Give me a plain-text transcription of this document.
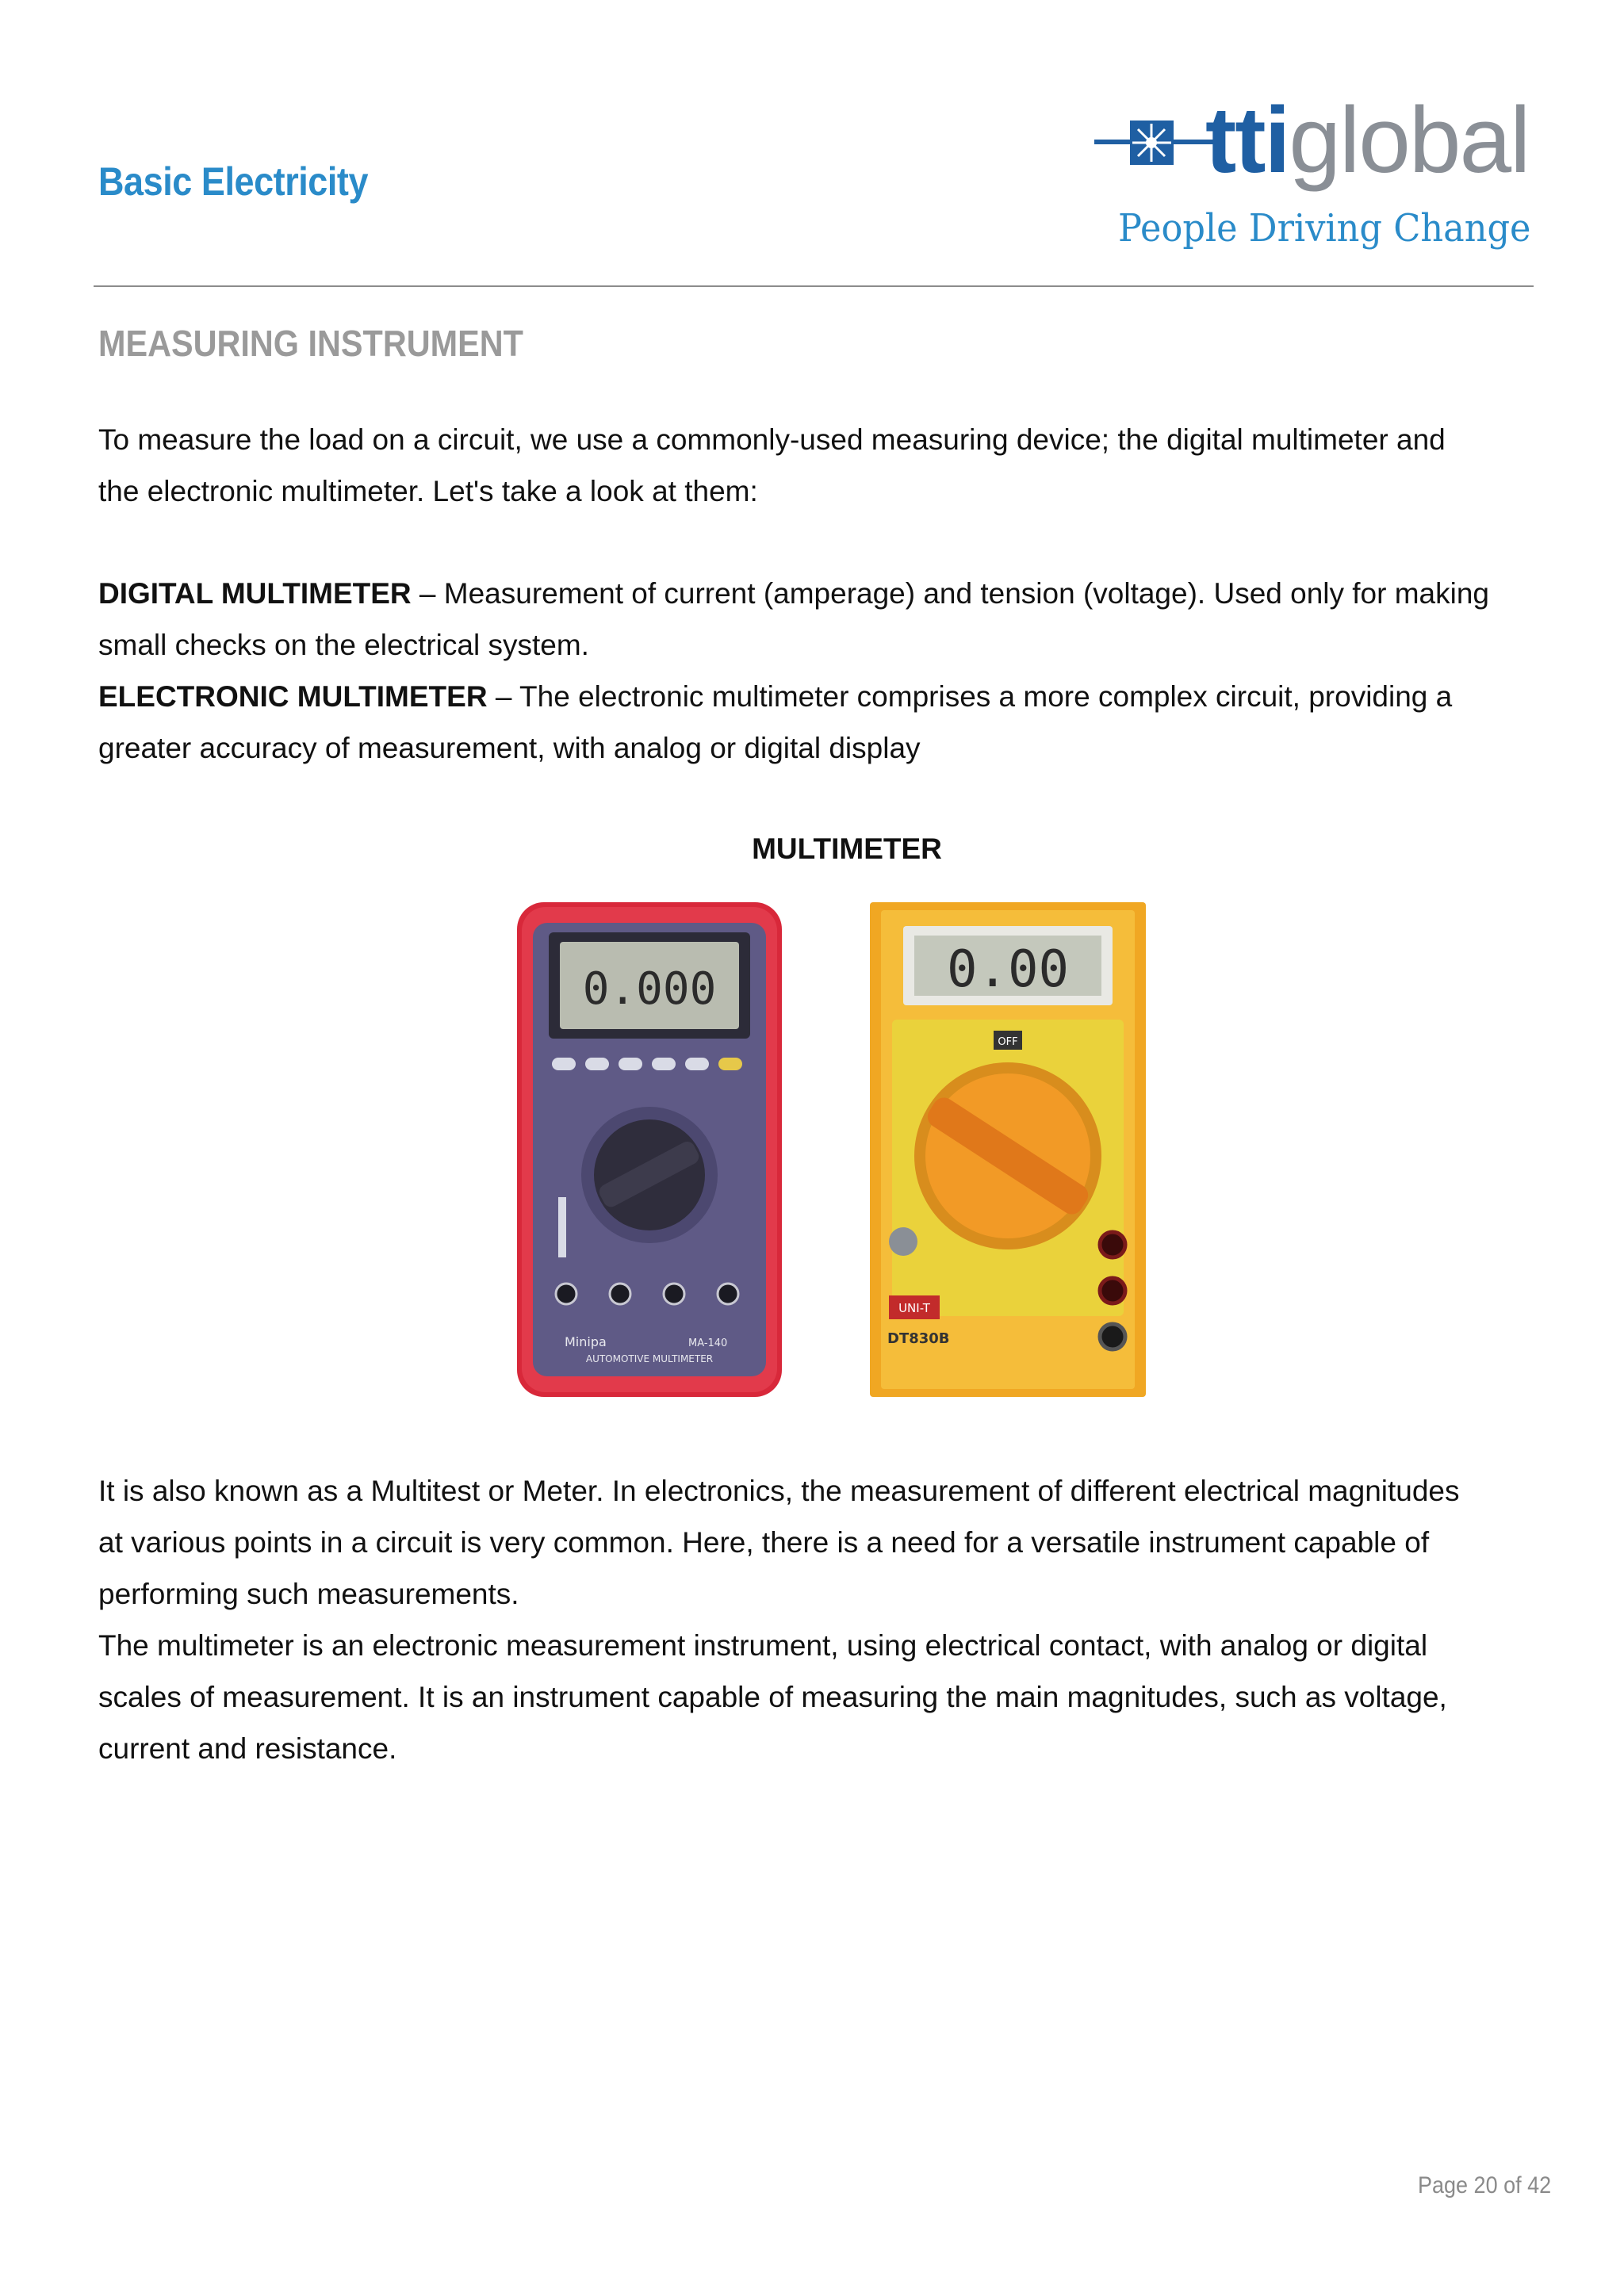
Basic Electricity	ttiglobal
People Driving Change
MEASURING INSTRUMENT

To measure the load on a circuit, we use a commonly-used measuring device; the digital multimeter and

the electronic multimeter. Let's take a look at them:

DIGITAL MULTIMETER – Measurement of current (amperage) and tension (voltage). Used only for making

small checks on the electrical system.

ELECTRONIC MULTIMETER – The electronic multimeter comprises a more complex circuit, providing a

greater accuracy of measurement, with analog or digital display

MULTIMETER
0.000
Minipa	MA-140
AUTOMOTIVE MULTIMETER
0.00
OFF
UNI-T
DT830B

It is also known as a Multitest or Meter. In electronics, the measurement of different electrical magnitudes

at various points in a circuit is very common. Here, there is a need for a versatile instrument capable of

performing such measurements.

The multimeter is an electronic measurement instrument, using electrical contact, with analog or digital

scales of measurement. It is an instrument capable of measuring the main magnitudes, such as voltage,

current and resistance.

Page 20 of 42
